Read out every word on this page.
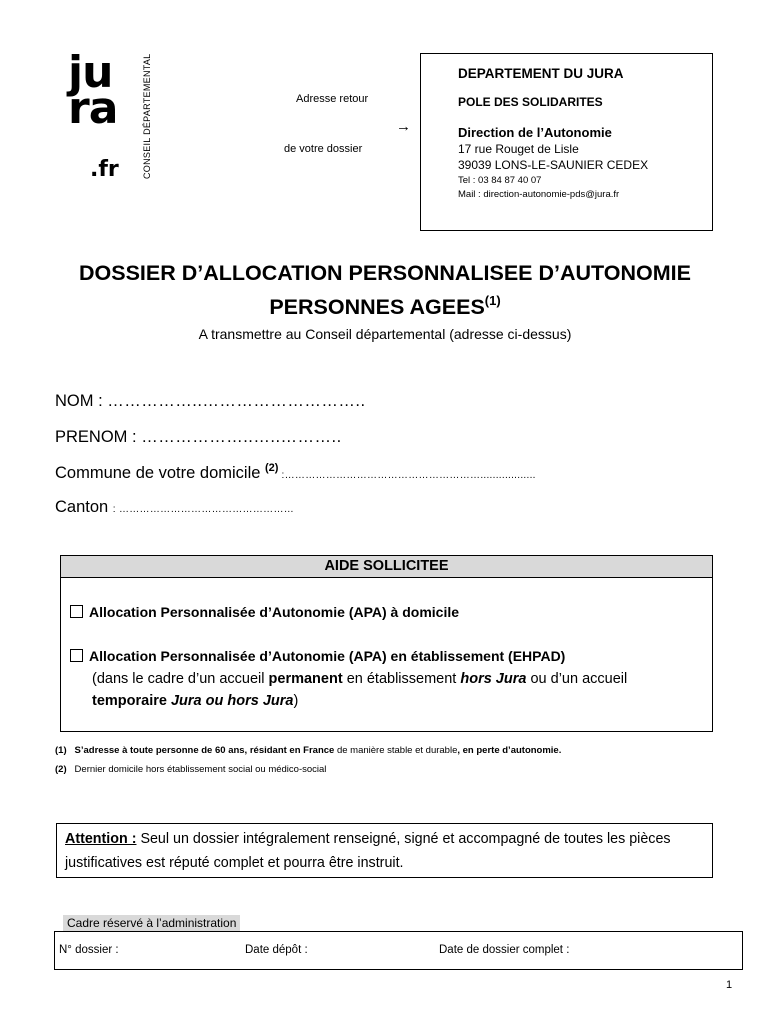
ju
ra
.fr	CONSEIL DÉPARTEMENTAL	Adresse retour
→
de votre dossier
DEPARTEMENT DU JURA
POLE DES SOLIDARITES
Direction de l’Autonomie
17 rue Rouget de Lisle
39039 LONS-LE-SAUNIER CEDEX
Tel : 03 84 87 40 07
Mail : direction-autonomie-pds@jura.fr
DOSSIER D’ALLOCATION PERSONNALISEE D’AUTONOMIE
PERSONNES AGEES$^{(1)}$
A transmettre au Conseil départemental (adresse ci-dessus)
NOM : ……………..………………………..
PRENOM : ………………..…..………..
Commune de votre domicile $^{(2)}$ :…………………………………………………..................
Canton : ……………………………………………
AIDE SOLLICITEE
Allocation Personnalisée d’Autonomie (APA) à domicile
Allocation Personnalisée d’Autonomie (APA) en établissement (EHPAD)
(dans le cadre d’un accueil permanent en établissement hors Jura ou d’un accueil
temporaire Jura ou hors Jura)
(1) S’adresse à toute personne de 60 ans, résidant en France de manière stable et durable, en perte d’autonomie.
(2) Dernier domicile hors établissement social ou médico-social
Attention : Seul un dossier intégralement renseigné, signé et accompagné de toutes les pièces justificatives est réputé complet et pourra être instruit.
Cadre réservé à l’administration
N° dossier :	Date dépôt :	Date de dossier complet :
1
